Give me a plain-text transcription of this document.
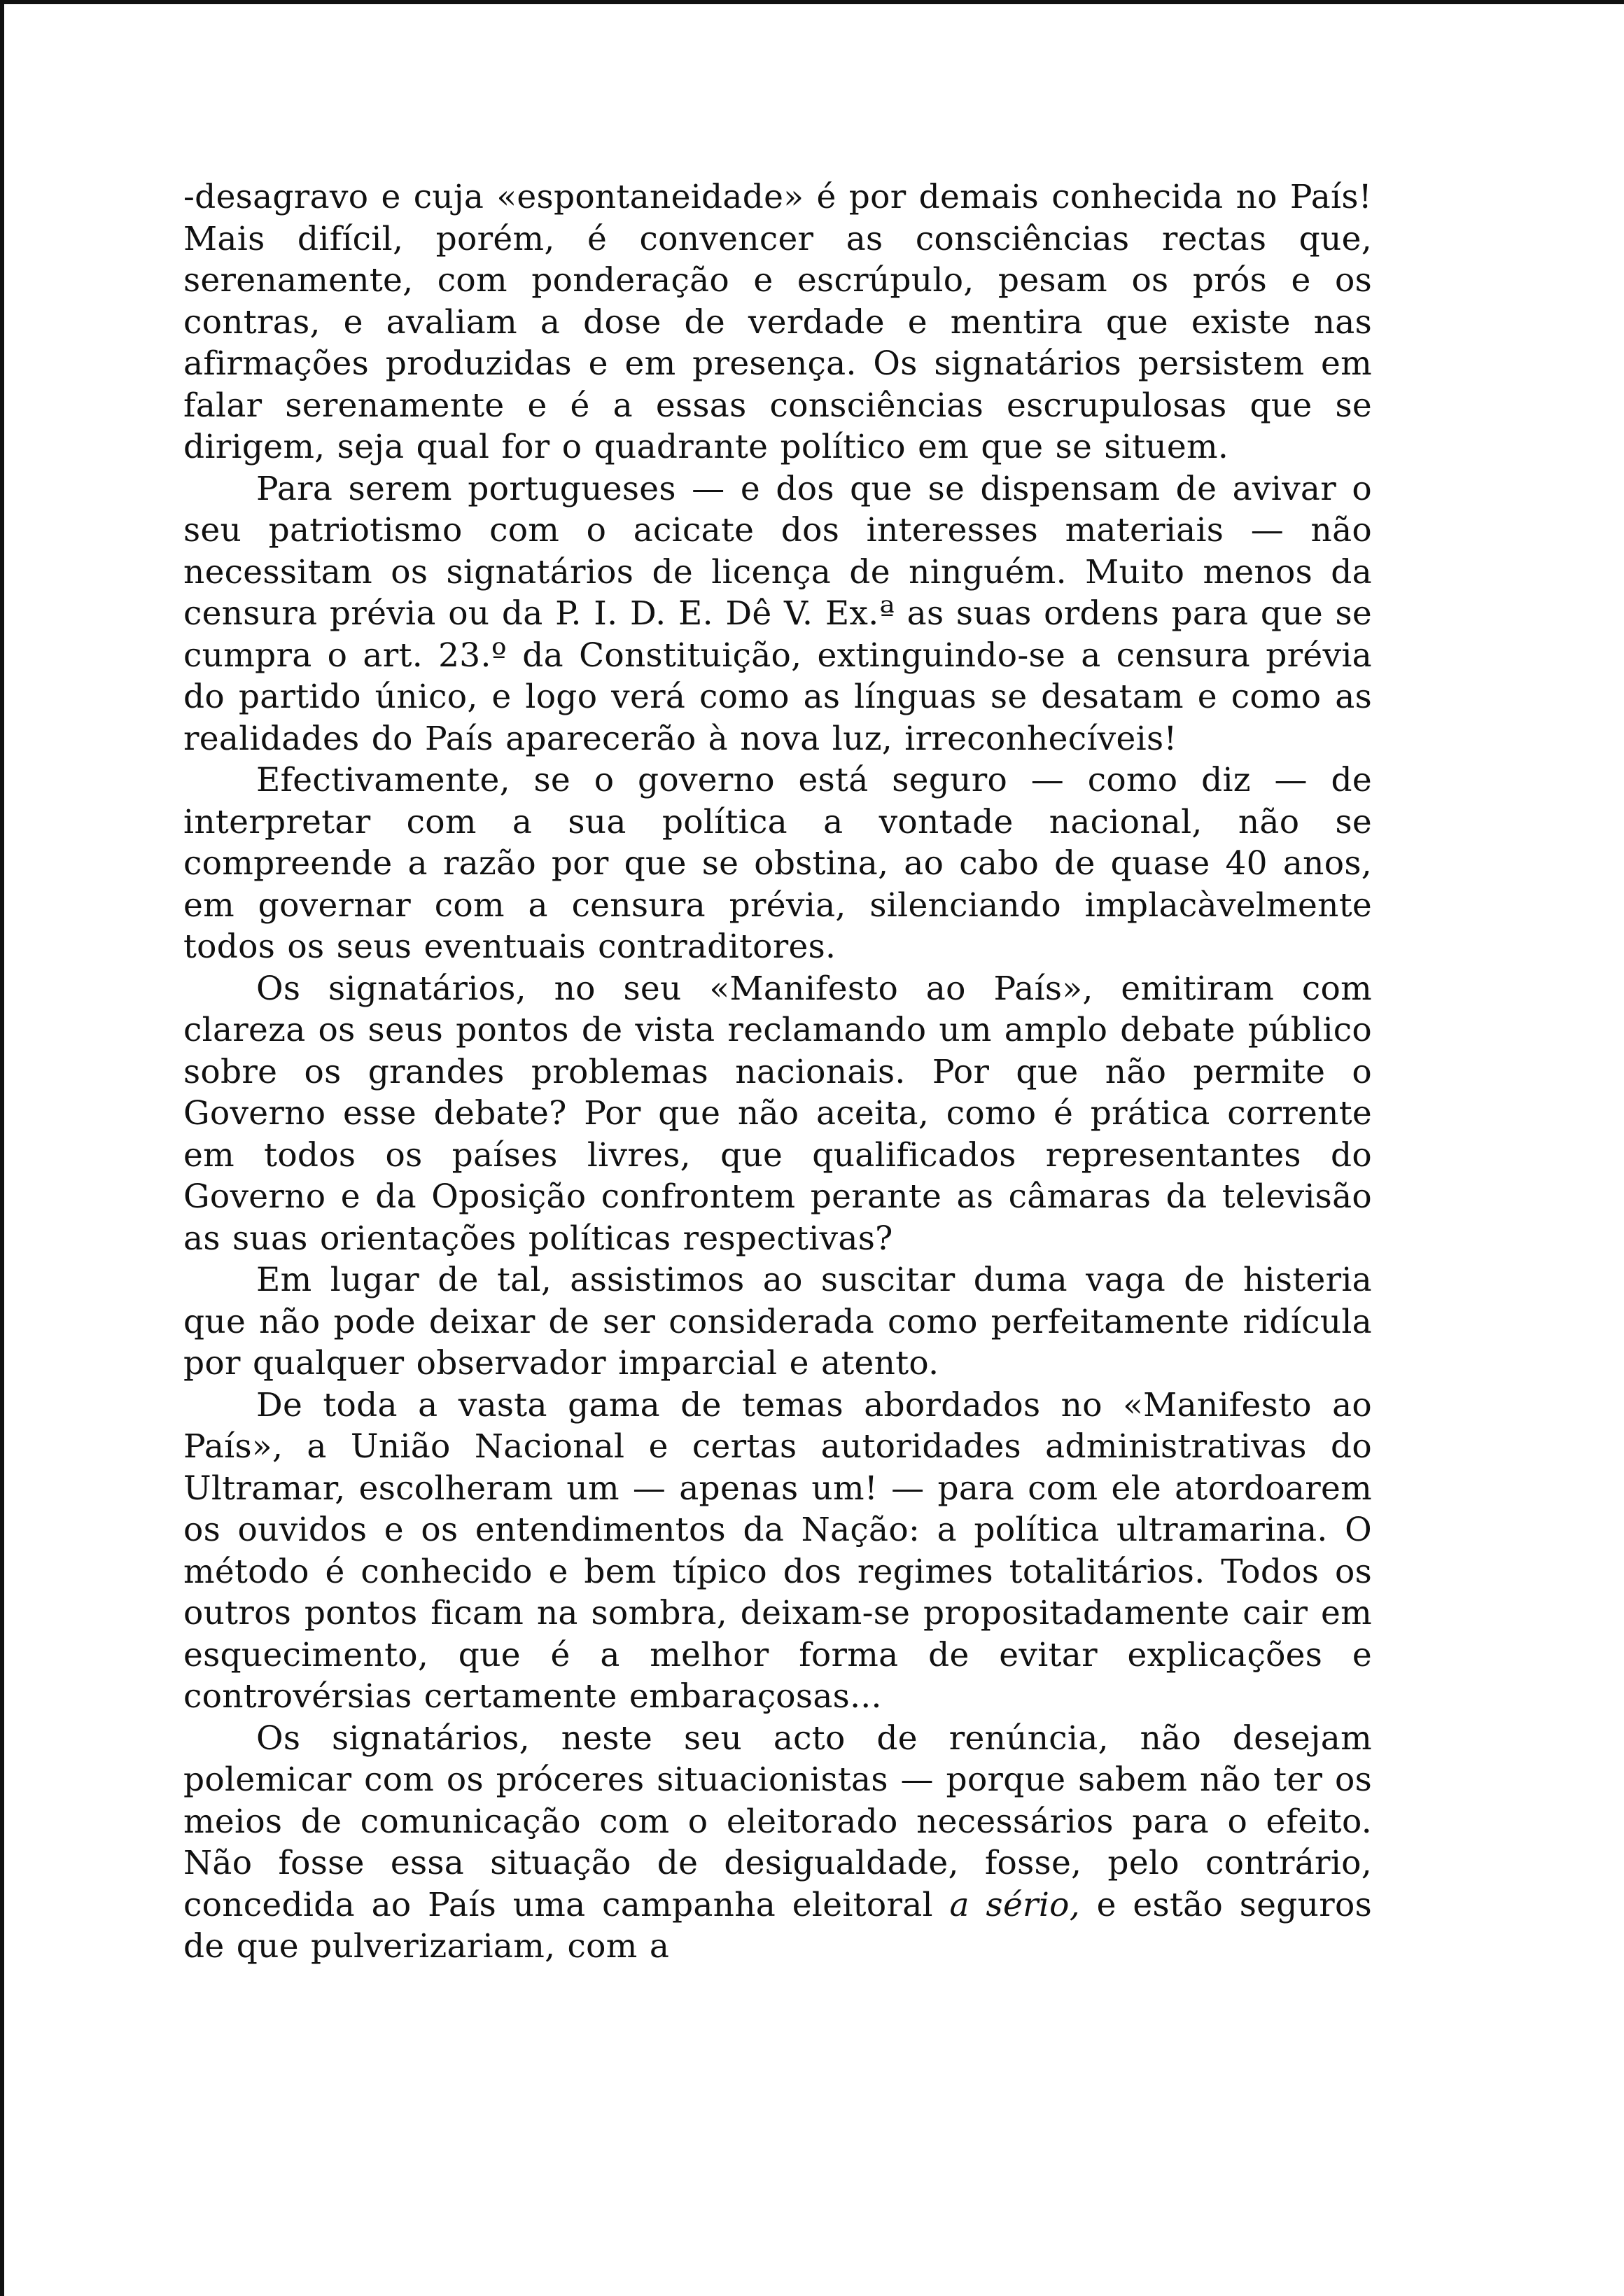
-desagravo e cuja «espontaneidade» é por demais conhecida no País! Mais difícil, porém, é convencer as consciências rectas que, serenamente, com ponderação e escrúpulo, pesam os prós e os contras, e avaliam a dose de verdade e mentira que existe nas afirmações produzidas e em presença. Os signatários persistem em falar serenamente e é a essas consciências escrupulosas que se dirigem, seja qual for o quadrante político em que se situem.

Para serem portugueses — e dos que se dispensam de avivar o seu patriotismo com o acicate dos interesses materiais — não necessitam os signatários de licença de ninguém. Muito menos da censura prévia ou da P. I. D. E. Dê V. Ex.ª as suas ordens para que se cumpra o art. 23.º da Constituição, extinguindo-se a censura prévia do partido único, e logo verá como as línguas se desatam e como as realidades do País aparecerão à nova luz, irreconhecíveis!

Efectivamente, se o governo está seguro — como diz — de interpretar com a sua política a vontade nacional, não se compreende a razão por que se obstina, ao cabo de quase 40 anos, em governar com a censura prévia, silenciando implacàvelmente todos os seus eventuais contraditores.

Os signatários, no seu «Manifesto ao País», emitiram com clareza os seus pontos de vista reclamando um amplo debate público sobre os grandes problemas nacionais. Por que não permite o Governo esse debate? Por que não aceita, como é prática corrente em todos os países livres, que qualificados representantes do Governo e da Oposição confrontem perante as câmaras da televisão as suas orientações políticas respectivas?

Em lugar de tal, assistimos ao suscitar duma vaga de histeria que não pode deixar de ser considerada como perfeitamente ridícula por qualquer observador imparcial e atento.

De toda a vasta gama de temas abordados no «Manifesto ao País», a União Nacional e certas autoridades administrativas do Ultramar, escolheram um — apenas um! — para com ele atordoarem os ouvidos e os entendimentos da Nação: a política ultramarina. O método é conhecido e bem típico dos regimes totalitários. Todos os outros pontos ficam na sombra, deixam-se propositadamente cair em esquecimento, que é a melhor forma de evitar explicações e controvérsias certamente embaraçosas...

Os signatários, neste seu acto de renúncia, não desejam polemicar com os próceres situacionistas — porque sabem não ter os meios de comunicação com o eleitorado necessários para o efeito. Não fosse essa situação de desigualdade, fosse, pelo contrário, concedida ao País uma campanha eleitoral a sério, e estão seguros de que pulverizariam, com a
